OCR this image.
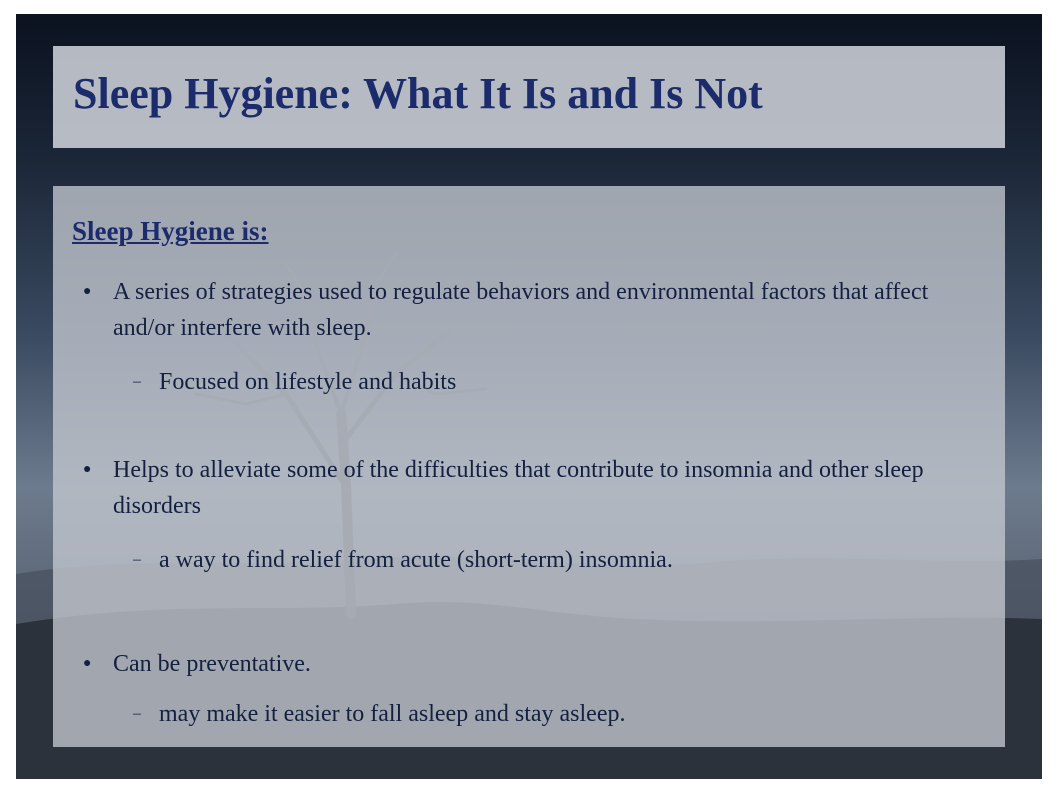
Sleep Hygiene: What It Is and Is Not
Sleep Hygiene is:
● A series of strategies used to regulate behaviors and environmental factors that affect and/or interfere with sleep.
– Focused on lifestyle and habits
● Helps to alleviate some of the difficulties that contribute to insomnia and other sleep disorders
– a way to find relief from acute (short-term) insomnia.
● Can be preventative.
– may make it easier to fall asleep and stay asleep.
